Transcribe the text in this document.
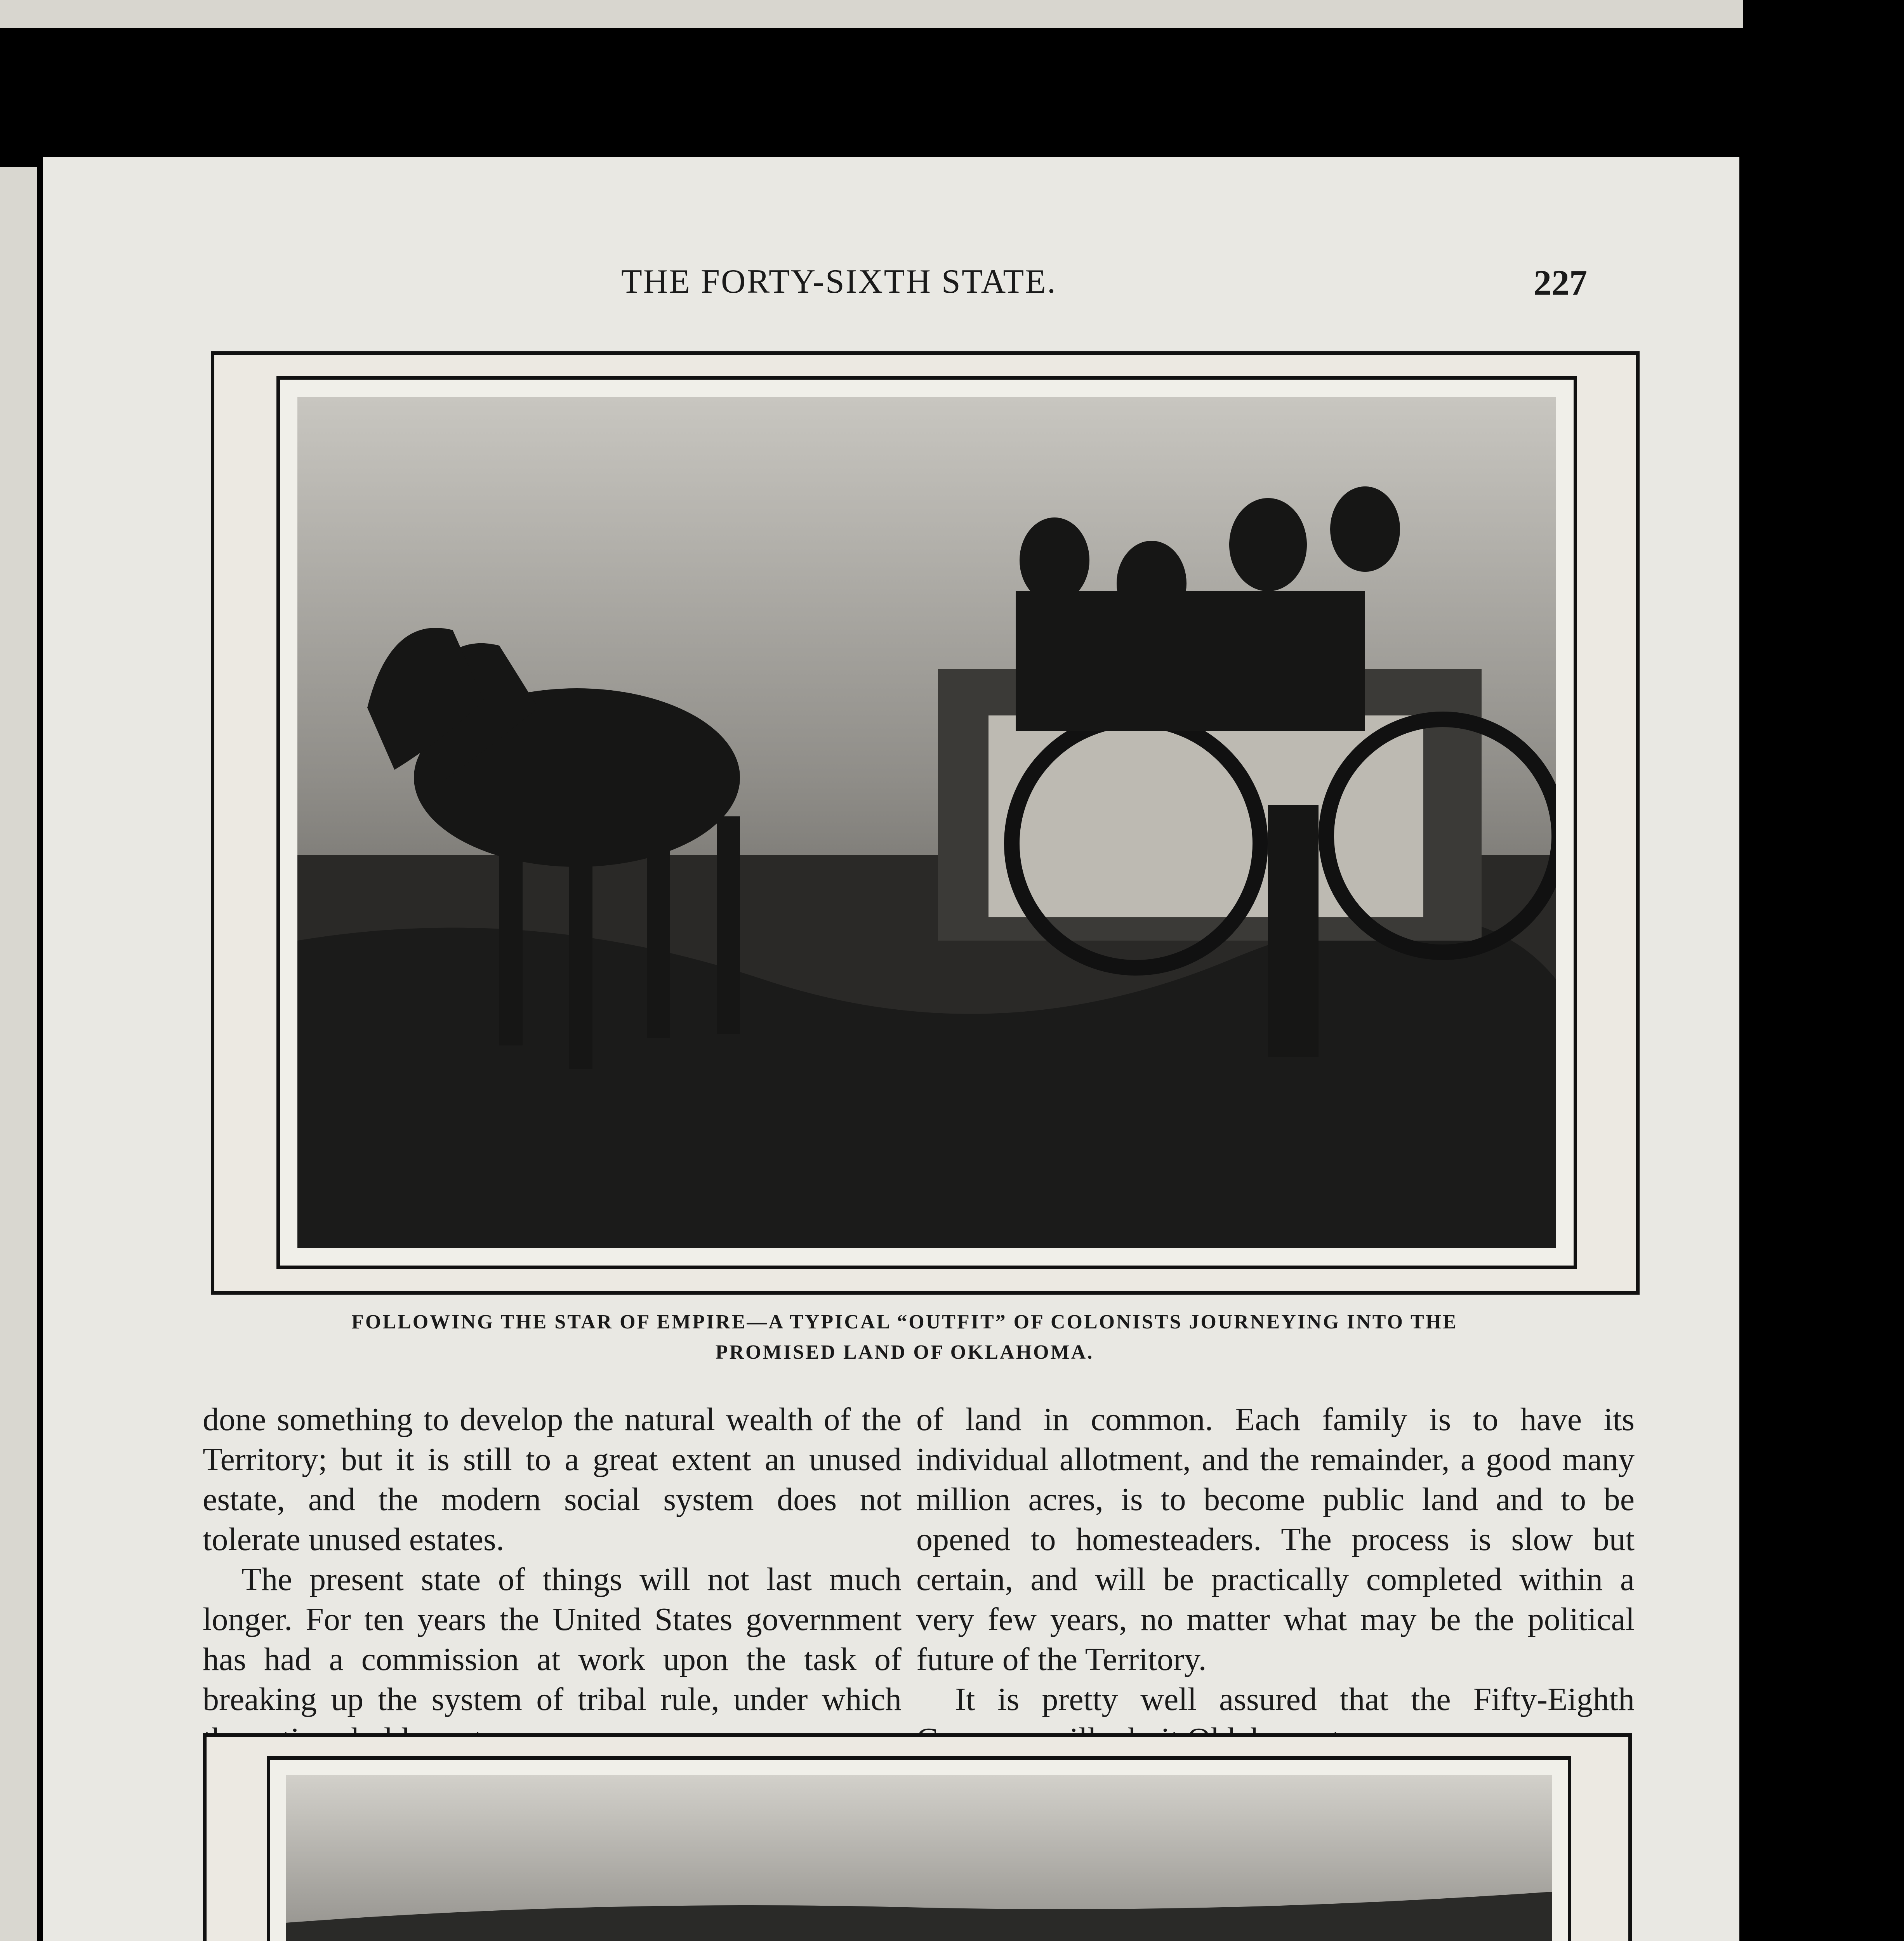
THE FORTY-SIXTH STATE.	227
FOLLOWING THE STAR OF EMPIRE—A TYPICAL “OUTFIT” OF COLONISTS JOURNEYING INTO THE
PROMISED LAND OF OKLAHOMA.

done something to develop the natural wealth of the Territory; but it is still to a great extent an unused estate, and the modern social system does not tolerate unused estates.

The present state of things will not last much longer. For ten years the United States government has had a commission at work upon the task of breaking up the system of tribal rule, under which

of land in common. Each family is to have its individual allotment, and the remainder, a good many million acres, is to become public land and to be opened to homesteaders. The process is slow but certain, and will be practically completed within a very few years, no matter what may be the political future of the Territory.

It is pretty well assured that the Fifty-Eighth
